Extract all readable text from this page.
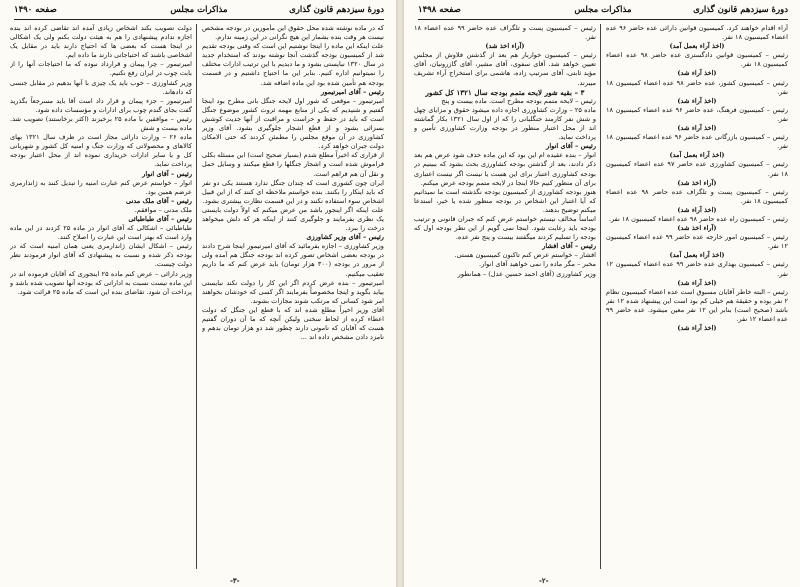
دورهٔ سیزدهم قانون گذاری
مذاکرات مجلس
صفحه ۱۴۹۰

که در ماده نوشته شده محل حقوق این مأمورین در بودجه مشخص نیست هر وقت بنده بشمار این هیچ نگرانی در این زمینه ندارم.

علت اینکه این ماده را اینجا نوشتیم این است که وقتی بودجه تقدیم شد از کمیسیون بودجه گذشت آنجا نوشته بودند که استخدام جدید در سال ۱۳۲۰ نبایستی بشود و ما دیدیم با این ترتیب ادارات مختلف را نمیتوانیم اداره کنیم. بنابر این ما احتیاج داشتیم و در قسمت بودجه هم تأمین شده بود این ماده اضافه شد.

رئیس – آقای امیرتیمور

امیرتیمور – موقعی که شور اول لایحه جنگل بانی مطرح بود اینجا گفتیم و شنیدیم که یکی از منابع مهمه ثروت کشور موضوع جنگل است که باید در حفظ و حراست و مراقبت از آنها جدیت کوشش بسزائی بشود و از قطع اشجار جلوگیری بشود. آقای وزیر کشاورزی در آن موقع مجلس را مطمئن کردند که حتی الامکان دولت جبران خواهد کرد.

از قراری که اخیراً مطلع شدم (بسیار صحیح است) این مسئله بکلی فراموش شده است و اشجار جنگلها را قطع میکنند و وسایل حمل و نقل آن هم فراهم است.

ایران چون کشوری است که چندان جنگل ندارد هستند یکی دو نفر که باید اینکار را بکنند. بنده خواستم ملاحظه ای کنند که از این قبیل اشخاص سوء استفاده نکنند و در این قسمت نظارت بیشتری بشود.

علت اینکه اگر اینجور باشد من عرض میکنم که اولاً دولت بایستی یک نظری بفرمایند و جلوگیری کنند از اینکه هر که دلش میخواهد درخت را ببرد.

رئیس – آقای وزیر کشاورزی

وزیر کشاورزی – اجازه بفرمائید که آقای امیرتیمور اینجا شرح دادند در بودجه بعضی اشخاص تصور کرده اند بودجه جنگل هم آمده ولی از مرور در بودجه (۳۰۰ هزار تومان) باید عرض کنم که ما داریم تعقیب میکنیم.

امیرتیمور – بنده عرض کردم اگر این کار را دولت نکند نبایستی بیاید بگوید و اینجا مخصوصاً بفرمایند اگر کسی که خودشان بخواهند امر شود کسانی که مرتکب شوند مجازات بشوند.

آقای وزیر اخیراً مطلع شده اند که با قطع این جنگل که دولت اعطاء کرده از لحاظ سخنی ولیکن آنچه که ما آن دوران گفتیم هست که آقایان که نامونی دارند چطور شد دو هزار تومان بدهم و نامزد دادن مشخص داده اند ...

دولت تصویب بکند اشخاص زیادی آمده اند تقاضی کرده اند بنده اجازه ندادم پیشنهادی را هم به هیئت دولت بکنم ولی یک اشکالی در اینجا هست که بعضی ها که احتیاج دارند باید در مقابل یک اشخاصی باشند که احتیاجاتی دارند ما داده ایم.

امیرتیمور – چرا پیمان و قرارداد نبوده که ما احتیاجات آنها را از بابت چوب در ایران رفع نکنیم.

وزیر کشاورزی – خوب باید یک چیزی با آنها بدهیم در مقابل جنسی که دادهاند.

امیرتیمور – جزء پیمان و قرار داد است آقا باید مسرجعاً بگذرید گفت بجای گندم چوب برای ادارات و مؤسسات داده شود.

رئیس – موافقین با ماده ۲۵ برخیزند (اکثر برخاستند) تصویب شد. ماده بیست و شش

ماده ۲۶ – وزارت دارائی مجاز است در ظرف سال ۱۳۲۱ بهای کالاهای و محصولاتی که وزارت جنگ و امنیه کل کشور و شهربانی کل و یا سایر ادارات خریداری نموده اند از محل اعتبار بودجه پرداخت نماید.

رئیس – آقای انوار

انوار – خواستم عرض کنم عبارت امنیه را تبدیل کنند به ژاندارمری عرضم همین بود.

رئیس – آقای ملک مدنی

ملک مدنی – موافقم.

رئیس – آقای طباطبائی

طباطبائی – اشکالی که آقای انوار در ماده ۲۵ کردند در این ماده وارد است که بهتر است این عبارت را اصلاح کنند.

رئیس – اشکال ایشان ژاندارمری یعنی همان امنیه است که در بودجه ذکر شده و نسبت به پیشنهادی که آقای انوار فرمودند نظر دولت چیست.

وزیر دارائی – عرض کنم ماده ۲۵ اینجوری که آقایان فرموده اند در این ماده نیست نسبت به اداراتی که بودجه آنها تصویب شده باشد و پرداخت آن شود. تقاضای بنده این است که ماده ۲۵ قرائت شود.

-۳-
دورهٔ سیزدهم قانون گذاری
مذاکرات مجلس
صفحه ۱۴۹۸

آراء اقدام خواهند کرد. کمیسیون قوانین دارائی عده حاضر ۹۶ عده اعضاء کمیسیون ۱۸ نفر.

(اخذ آراء بعمل آمد)

رئیس – کمیسیون قوانین دادگستری عده حاضر ۹۸ عده اعضاء کمیسیون ۱۸ نفر.

(اخذ آراء شد)

رئیس – کمیسیون کشور، عده حاضر ۹۸ عده اعضاء کمیسیون ۱۸ نفر.

(اخذ آراء شد)

رئیس – کمیسیون فرهنگ، عده حاضر ۹۶ عده اعضاء کمیسیون ۱۸ نفر.

(اخذ آراء شد)

رئیس – کمیسیون بازرگانی عده حاضر ۹۶ عده اعضاء کمیسیون ۱۸ نفر.

(اخذ آراء بعمل آمد)

رئیس – کمیسیون کشاورزی عده حاضر ۹۷ عده اعضاء کمیسیون ۱۸ نفر.

(آراء اخذ شد)

رئیس – کمیسیون پست و تلگراف عده حاضر ۹۸ عده اعضاء کمیسیون ۱۸ نفر.

(اخذ آراء شد)

رئیس – کمیسیون راه عده حاضر ۹۸ عده اعضاء کمیسیون ۱۸ نفر.

(آراء اخذ شد)

رئیس – کمیسیون امور خارجه عده حاضر ۹۹ عده اعضاء کمیسیون ۱۲ نفر.

(اخذ آراء بعمل آمد)

رئیس – کمیسیون بهداری عده حاضر ۹۹ عده اعضاء کمیسیون ۱۲ نفر.

(اخذ آراء شد)

رئیس – البته خاطر آقایان مسبوق است عده اعضاء کمیسیون نظام ۲ نفر بوده و حقیقة هم خیلی کم بود است این پیشنهاد شده ۱۲ نفر باشد (صحیح است) بنابر این ۱۲ نفر معین میشود. عده حاضر ۹۹ عده اعضاء ۱۲ نفر.

(اخذ آراء شد)

رئیس – کمیسیون پست و تلگراف عده حاضر ۹۹ عده اعضاء ۱۸ نفر.

(آراء اخذ شد)

رئیس – کمیسیون خواربار هم بعد از گذشتن فلاوش از مجلس تعیین خواهد شد. آقای سفوی، آقای مشیر، آقای گازرونیان، آقای مؤید ثابتی، آقای سرتیپ زاده، هاشمی برای استخراج آراء تشریف میبرند.

۳ – بقیه شور لایحه متمم بودجه سال ۱۳۲۱ کل کشور

رئیس – لایحه متمم بودجه مطرح است. ماده بیست و پنج

ماده ۲۵ – وزارت کشاورزی اجازه داده میشود حقوق و مزایای چهل و شش نفر کارمند جنگلبانی را که از اول سال ۱۳۲۱ بکار گماشته اند از محل اعتبار منظور در بودجه وزارت کشاورزی تأمین و پرداخت نماید.

رئیس – آقای انوار

انوار – بنده عقیده ام این بود که این ماده حذف شود عرض هم بعد ذکر دادند، بعد از گذشتن بودجه کشاورزی بحث بشود که ببینیم در بودجه کشاورزی اعتبار برای این هست یا نیست اگر نیست اعتباری برای آن منظور کنیم حالا اینجا در لایحه متمم بودجه عرض میکنم.

هنوز بودجه کشاورزی از کمیسیون بودجه نگذشته است ما نمیدانیم که آیا اعتبار این اشخاص در بودجه منظور شده یا خیر، استدعا میکنم توضیح بدهند.

اساساً مخالف نیستم خواستم عرض کنم که جبران قانونی و ترتیب بودجه باید رعایت شود. اینجا نمی گویم از این نظر بودجه اول که بودجه را تسلیم کردند میگفتند بیست و پنج نفر عده.

رئیس – آقای افشار

افشار – خواستم عرض کنم تاکنون کمیسیون هستی.

مخبر – مگر ماده را نمی خواهید آقای انوار.

وزیر کشاورزی (آقای احمد حسین عدل) – همانطور

-۲-
